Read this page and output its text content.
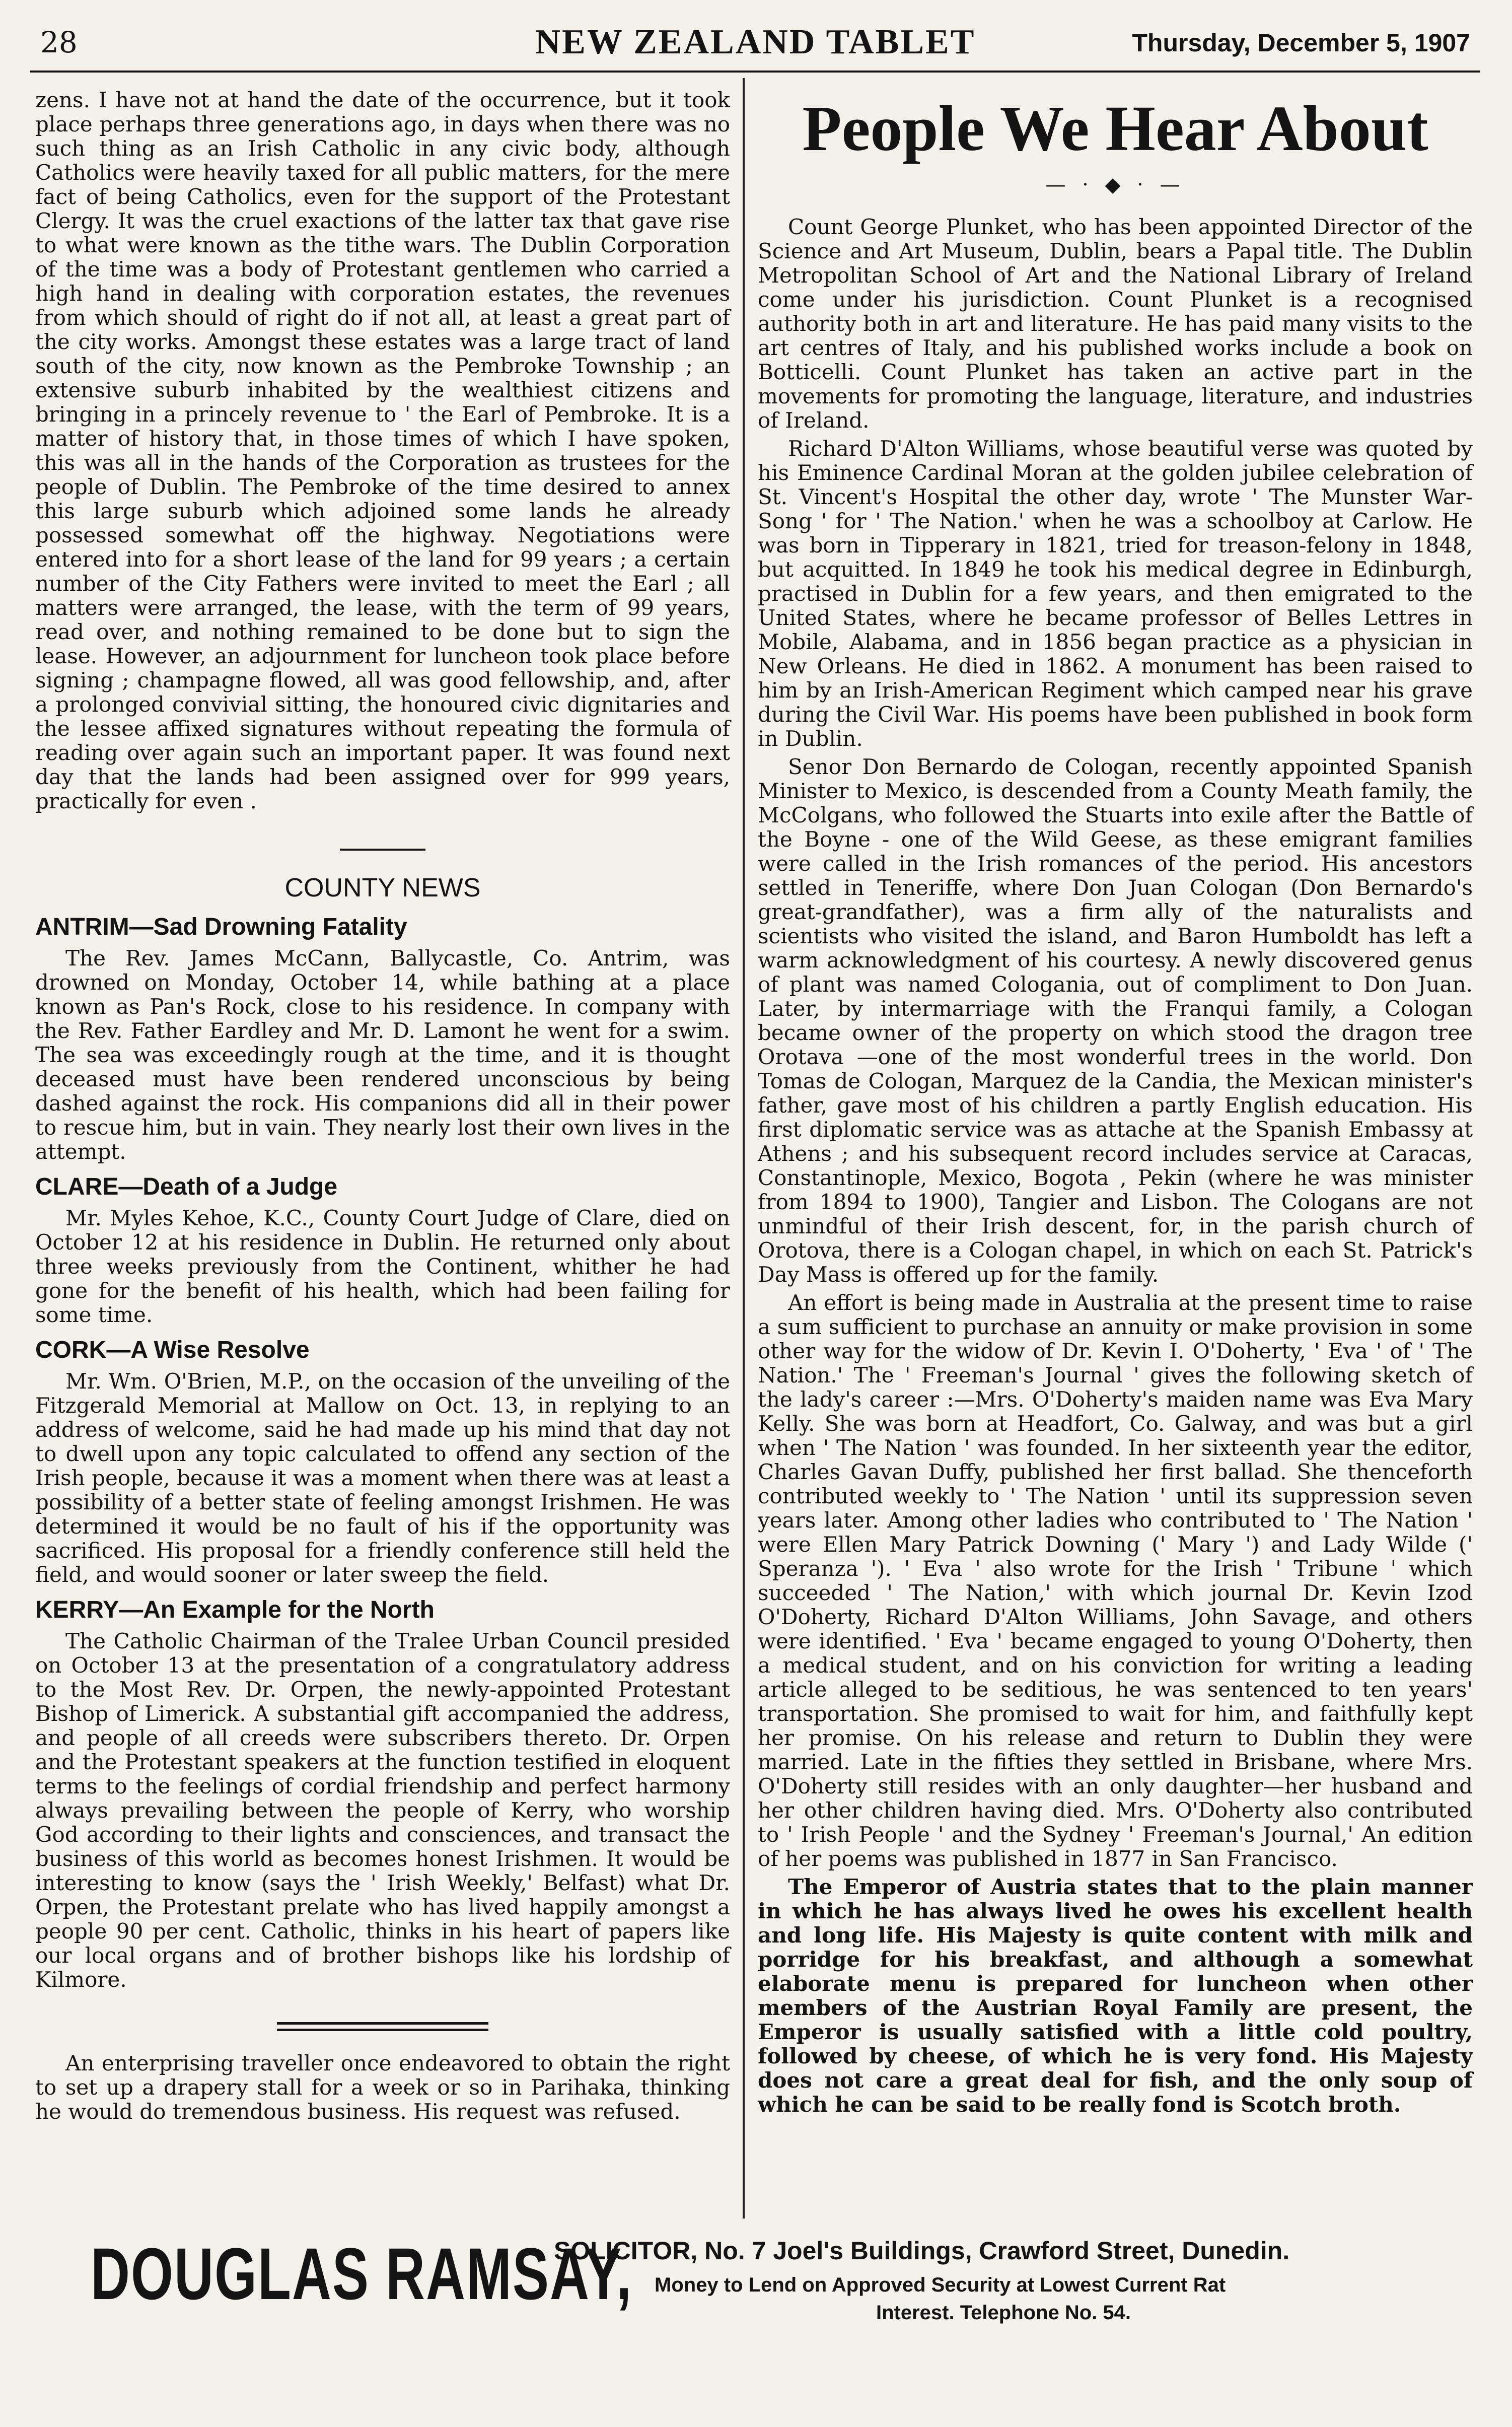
28	NEW ZEALAND TABLET	Thursday, December 5, 1907

zens. I have not at hand the date of the occurrence, but it took place perhaps three generations ago, in days when there was no such thing as an Irish Catholic in any civic body, although Catholics were heavily taxed for all public matters, for the mere fact of being Catholics, even for the support of the Protestant Clergy. It was the cruel exactions of the latter tax that gave rise to what were known as the tithe wars. The Dublin Corporation of the time was a body of Protestant gentlemen who carried a high hand in dealing with corporation estates, the revenues from which should of right do if not all, at least a great part of the city works. Amongst these estates was a large tract of land south of the city, now known as the Pembroke Township ; an extensive suburb inhabited by the wealthiest citizens and bringing in a princely revenue to ' the Earl of Pembroke. It is a matter of history that, in those times of which I have spoken, this was all in the hands of the Corporation as trustees for the people of Dublin. The Pembroke of the time desired to annex this large suburb which adjoined some lands he already possessed somewhat off the highway. Negotiations were entered into for a short lease of the land for 99 years ; a certain number of the City Fathers were invited to meet the Earl ; all matters were arranged, the lease, with the term of 99 years, read over, and nothing remained to be done but to sign the lease. However, an adjournment for luncheon took place before signing ; champagne flowed, all was good fellowship, and, after a prolonged convivial sitting, the honoured civic dignitaries and the lessee affixed signatures without repeating the formula of reading over again such an important paper. It was found next day that the lands had been assigned over for 999 years, practically for even .

COUNTY NEWS
ANTRIM—Sad Drowning Fatality

The Rev. James McCann, Ballycastle, Co. Antrim, was drowned on Monday, October 14, while bathing at a place known as Pan's Rock, close to his residence. In company with the Rev. Father Eardley and Mr. D. Lamont he went for a swim. The sea was exceedingly rough at the time, and it is thought deceased must have been rendered unconscious by being dashed against the rock. His companions did all in their power to rescue him, but in vain. They nearly lost their own lives in the attempt.

CLARE—Death of a Judge

Mr. Myles Kehoe, K.C., County Court Judge of Clare, died on October 12 at his residence in Dublin. He returned only about three weeks previously from the Continent, whither he had gone for the benefit of his health, which had been failing for some time.

CORK—A Wise Resolve

Mr. Wm. O'Brien, M.P., on the occasion of the unveiling of the Fitzgerald Memorial at Mallow on Oct. 13, in replying to an address of welcome, said he had made up his mind that day not to dwell upon any topic calculated to offend any section of the Irish people, because it was a moment when there was at least a possibility of a better state of feeling amongst Irishmen. He was determined it would be no fault of his if the opportunity was sacrificed. His proposal for a friendly conference still held the field, and would sooner or later sweep the field.

KERRY—An Example for the North

The Catholic Chairman of the Tralee Urban Council presided on October 13 at the presentation of a congratulatory address to the Most Rev. Dr. Orpen, the newly-appointed Protestant Bishop of Limerick. A substantial gift accompanied the address, and people of all creeds were subscribers thereto. Dr. Orpen and the Protestant speakers at the function testified in eloquent terms to the feelings of cordial friendship and perfect harmony always prevailing between the people of Kerry, who worship God according to their lights and consciences, and transact the business of this world as becomes honest Irishmen. It would be interesting to know (says the ' Irish Weekly,' Belfast) what Dr. Orpen, the Protestant prelate who has lived happily amongst a people 90 per cent. Catholic, thinks in his heart of papers like our local organs and of brother bishops like his lordship of Kilmore.

An enterprising traveller once endeavored to obtain the right to set up a drapery stall for a week or so in Parihaka, thinking he would do tremendous business. His request was refused.

People We Hear About
— · ◆ · —

Count George Plunket, who has been appointed Director of the Science and Art Museum, Dublin, bears a Papal title. The Dublin Metropolitan School of Art and the National Library of Ireland come under his jurisdiction. Count Plunket is a recognised authority both in art and literature. He has paid many visits to the art centres of Italy, and his published works include a book on Botticelli. Count Plunket has taken an active part in the movements for promoting the language, literature, and industries of Ireland.

Richard D'Alton Williams, whose beautiful verse was quoted by his Eminence Cardinal Moran at the golden jubilee celebration of St. Vincent's Hospital the other day, wrote ' The Munster War-Song ' for ' The Nation.' when he was a schoolboy at Carlow. He was born in Tipperary in 1821, tried for treason-felony in 1848, but acquitted. In 1849 he took his medical degree in Edinburgh, practised in Dublin for a few years, and then emigrated to the United States, where he became professor of Belles Lettres in Mobile, Alabama, and in 1856 began practice as a physician in New Orleans. He died in 1862. A monument has been raised to him by an Irish-American Regiment which camped near his grave during the Civil War. His poems have been published in book form in Dublin.

Senor Don Bernardo de Cologan, recently appointed Spanish Minister to Mexico, is descended from a County Meath family, the McColgans, who followed the Stuarts into exile after the Battle of the Boyne - one of the Wild Geese, as these emigrant families were called in the Irish romances of the period. His ancestors settled in Teneriffe, where Don Juan Cologan (Don Bernardo's great-grandfather), was a firm ally of the naturalists and scientists who visited the island, and Baron Humboldt has left a warm acknowledgment of his courtesy. A newly discovered genus of plant was named Cologania, out of compliment to Don Juan. Later, by intermarriage with the Franqui family, a Cologan became owner of the property on which stood the dragon tree Orotava —one of the most wonderful trees in the world. Don Tomas de Cologan, Marquez de la Candia, the Mexican minister's father, gave most of his children a partly English education. His first diplomatic service was as attache at the Spanish Embassy at Athens ; and his subsequent record includes service at Caracas, Constantinople, Mexico, Bogota , Pekin (where he was minister from 1894 to 1900), Tangier and Lisbon. The Cologans are not unmindful of their Irish descent, for, in the parish church of Orotova, there is a Cologan chapel, in which on each St. Patrick's Day Mass is offered up for the family.

An effort is being made in Australia at the present time to raise a sum sufficient to purchase an annuity or make provision in some other way for the widow of Dr. Kevin I. O'Doherty, ' Eva ' of ' The Nation.' The ' Freeman's Journal ' gives the following sketch of the lady's career :—Mrs. O'Doherty's maiden name was Eva Mary Kelly. She was born at Headfort, Co. Galway, and was but a girl when ' The Nation ' was founded. In her sixteenth year the editor, Charles Gavan Duffy, published her first ballad. She thenceforth contributed weekly to ' The Nation ' until its suppression seven years later. Among other ladies who contributed to ' The Nation ' were Ellen Mary Patrick Downing (' Mary ') and Lady Wilde (' Speranza '). ' Eva ' also wrote for the Irish ' Tribune ' which succeeded ' The Nation,' with which journal Dr. Kevin Izod O'Doherty, Richard D'Alton Williams, John Savage, and others were identified. ' Eva ' became engaged to young O'Doherty, then a medical student, and on his conviction for writing a leading article alleged to be seditious, he was sentenced to ten years' transportation. She promised to wait for him, and faithfully kept her promise. On his release and return to Dublin they were married. Late in the fifties they settled in Brisbane, where Mrs. O'Doherty still resides with an only daughter—her husband and her other children having died. Mrs. O'Doherty also contributed to ' Irish People ' and the Sydney ' Freeman's Journal,' An edition of her poems was published in 1877 in San Francisco.

The Emperor of Austria states that to the plain manner in which he has always lived he owes his excellent health and long life. His Majesty is quite content with milk and porridge for his breakfast, and although a somewhat elaborate menu is prepared for luncheon when other members of the Austrian Royal Family are present, the Emperor is usually satisfied with a little cold poultry, followed by cheese, of which he is very fond. His Majesty does not care a great deal for fish, and the only soup of which he can be said to be really fond is Scotch broth.

DOUGLAS RAMSAY,
SOLICITOR, No. 7 Joel's Buildings, Crawford Street, Dunedin.
Money to Lend on Approved Security at Lowest Current Rat
Interest. Telephone No. 54.
